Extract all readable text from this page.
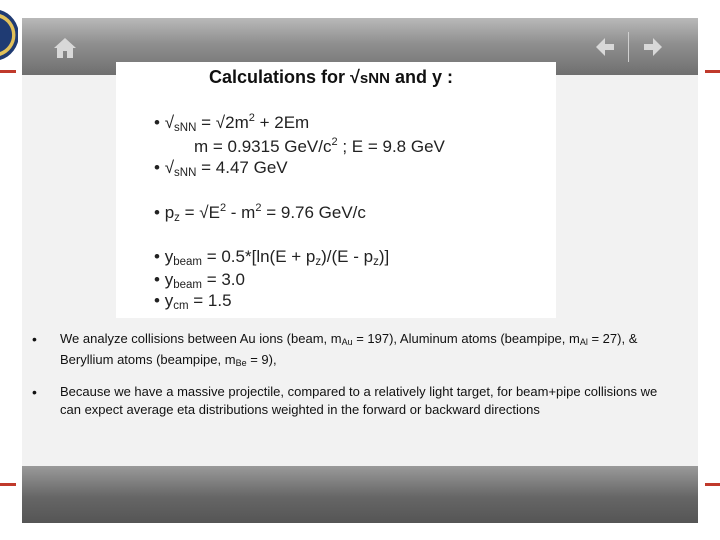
Calculations for √sNN and y :
• $√_{sNN} = √2m^2 + 2Em$
m = 0.9315 GeV/$c^2$ ; E = 9.8 GeV
• $√_{sNN} = 4.47$ GeV
• $p_z = √E^2 - m^2 = 9.76$ GeV/c
• $y_{beam} = 0.5*[\ln(E + p_z)/(E - p_z)]$
• $y_{beam} = 3.0$
• $y_{cm} = 1.5$
• We analyze collisions between Au ions (beam, mAu = 197), Aluminum atoms (beampipe, mAl = 27), & Beryllium atoms (beampipe, mBe = 9),
• Because we have a massive projectile, compared to a relatively light target, for beam+pipe collisions we can expect average eta distributions weighted in the forward or backward directions
